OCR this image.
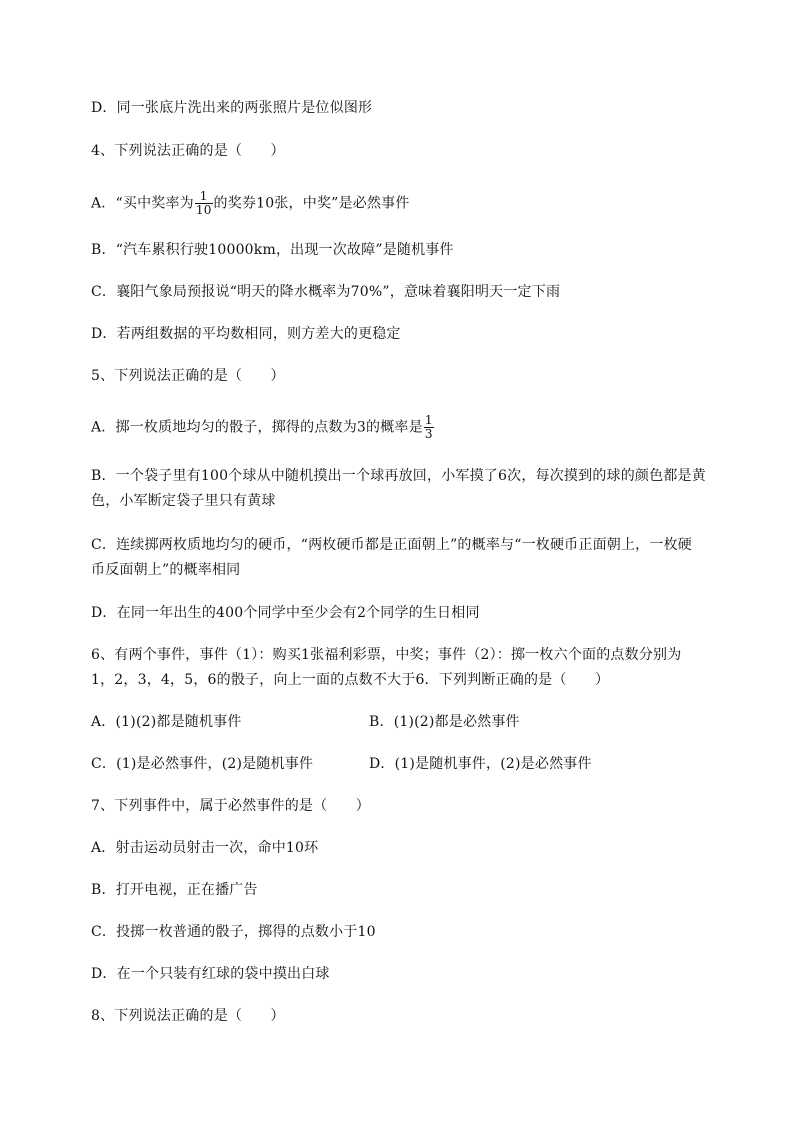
D．同一张底片洗出来的两张照片是位似图形
4、下列说法正确的是（　　）
A．“买中奖率为 $\frac{1}{10}$ 的奖券10张，中奖”是必然事件
B．“汽车累积行驶10000km，出现一次故障”是随机事件
C．襄阳气象局预报说“明天的降水概率为70%”，意味着襄阳明天一定下雨
D．若两组数据的平均数相同，则方差大的更稳定
5、下列说法正确的是（　　）
A．掷一枚质地均匀的骰子，掷得的点数为3的概率是 $\frac{1}{3}$
B．一个袋子里有100个球从中随机摸出一个球再放回，小军摸了6次，每次摸到的球的颜色都是黄
色，小军断定袋子里只有黄球
C．连续掷两枚质地均匀的硬币，“两枚硬币都是正面朝上”的概率与“一枚硬币正面朝上，一枚硬
币反面朝上”的概率相同
D．在同一年出生的400个同学中至少会有2个同学的生日相同
6、有两个事件，事件（1）：购买1张福利彩票，中奖；事件（2）：掷一枚六个面的点数分别为
1，2，3，4，5，6的骰子，向上一面的点数不大于6．下列判断正确的是（　　）
A．(1)(2)都是随机事件	B．(1)(2)都是必然事件
C．(1)是必然事件，(2)是随机事件	D．(1)是随机事件，(2)是必然事件
7、下列事件中，属于必然事件的是（　　）
A．射击运动员射击一次，命中10环
B．打开电视，正在播广告
C．投掷一枚普通的骰子，掷得的点数小于10
D．在一个只装有红球的袋中摸出白球
8、下列说法正确的是（　　）
